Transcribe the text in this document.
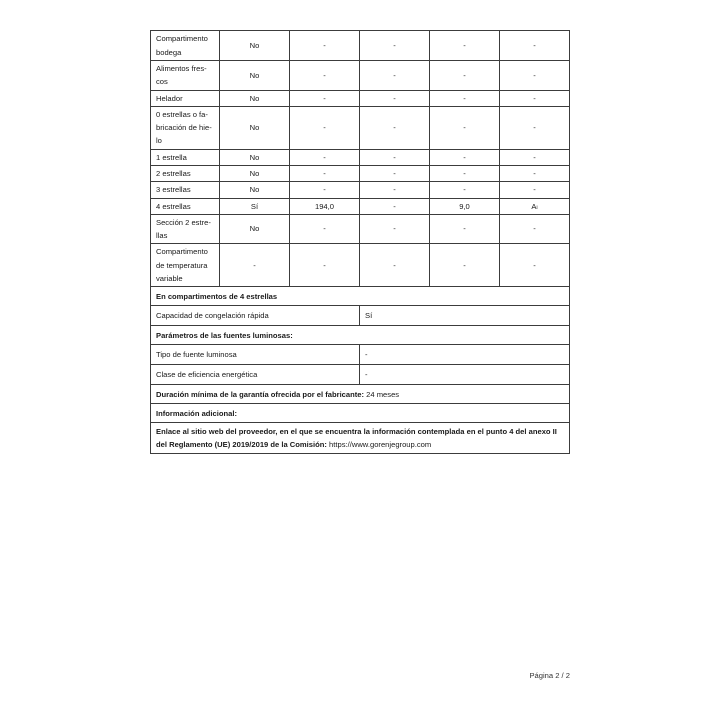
Compartimento bodega	No	-	-	-	-
Alimentos fres-cos	No	-	-	-	-
Helador	No	-	-	-	-
0 estrellas o fa-bricación de hie-lo	No	-	-	-	-
1 estrella	No	-	-	-	-
2 estrellas	No	-	-	-	-
3 estrellas	No	-	-	-	-
4 estrellas	Sí	194,0	-	9,0	Aₗ
Sección 2 estre-llas	No	-	-	-	-
Compartimento de temperatura variable	-	-	-	-	-
En compartimentos de 4 estrellas					
Capacidad de congelación rápida			Sí		
Parámetros de las fuentes luminosas:					
Tipo de fuente luminosa			-		
Clase de eficiencia energética			-		
Duración mínima de la garantía ofrecida por el fabricante: 24 meses					
Información adicional:					
Enlace al sitio web del proveedor, en el que se encuentra la información contemplada en el punto 4 del anexo II del Reglamento (UE) 2019/2019 de la Comisión: https://www.gorenjegroup.com					
Página 2 / 2
